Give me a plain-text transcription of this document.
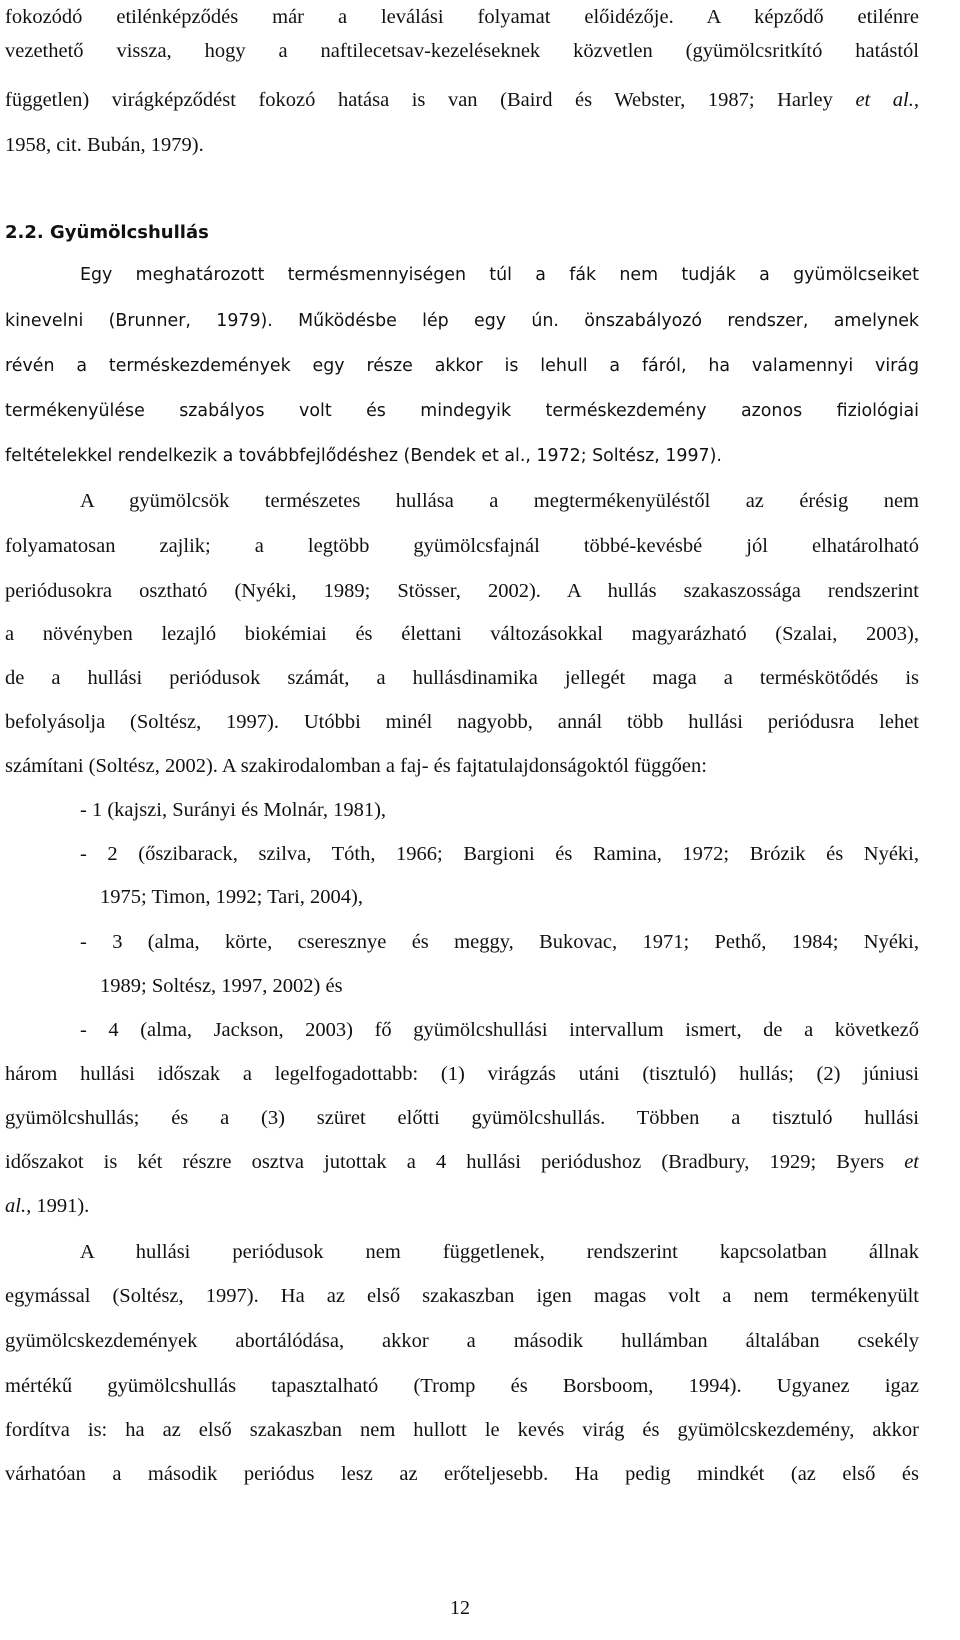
fokozódó etilénképződés már a leválási folyamat előidézője. A képződő etilénre
vezethető vissza, hogy a naftilecetsav-kezeléseknek közvetlen (gyümölcsritkító hatástól
független) virágképződést fokozó hatása is van (Baird és Webster, 1987; Harley et al.,
1958, cit. Bubán, 1979).
2.2. Gyümölcshullás
Egy meghatározott termésmennyiségen túl a fák nem tudják a gyümölcseiket
kinevelni (Brunner, 1979). Működésbe lép egy ún. önszabályozó rendszer, amelynek
révén a terméskezdemények egy része akkor is lehull a fáról, ha valamennyi virág
termékenyülése szabályos volt és mindegyik terméskezdemény azonos fiziológiai
feltételekkel rendelkezik a továbbfejlődéshez (Bendek et al., 1972; Soltész, 1997).
A gyümölcsök természetes hullása a megtermékenyüléstől az érésig nem
folyamatosan zajlik; a legtöbb gyümölcsfajnál többé-kevésbé jól elhatárolható
periódusokra osztható (Nyéki, 1989; Stösser, 2002). A hullás szakaszossága rendszerint
a növényben lezajló biokémiai és élettani változásokkal magyarázható (Szalai, 2003),
de a hullási periódusok számát, a hullásdinamika jellegét maga a terméskötődés is
befolyásolja (Soltész, 1997). Utóbbi minél nagyobb, annál több hullási periódusra lehet
számítani (Soltész, 2002). A szakirodalomban a faj- és fajtatulajdonságoktól függően:
- 1 (kajszi, Surányi és Molnár, 1981),
- 2 (őszibarack, szilva, Tóth, 1966; Bargioni és Ramina, 1972; Brózik és Nyéki,
1975; Timon, 1992; Tari, 2004),
- 3 (alma, körte, cseresznye és meggy, Bukovac, 1971; Pethő, 1984; Nyéki,
1989; Soltész, 1997, 2002) és
- 4 (alma, Jackson, 2003) fő gyümölcshullási intervallum ismert, de a következő
három hullási időszak a legelfogadottabb: (1) virágzás utáni (tisztuló) hullás; (2) júniusi
gyümölcshullás; és a (3) szüret előtti gyümölcshullás. Többen a tisztuló hullási
időszakot is két részre osztva jutottak a 4 hullási periódushoz (Bradbury, 1929; Byers et
al., 1991).
A hullási periódusok nem függetlenek, rendszerint kapcsolatban állnak
egymással (Soltész, 1997). Ha az első szakaszban igen magas volt a nem termékenyült
gyümölcskezdemények abortálódása, akkor a második hullámban általában csekély
mértékű gyümölcshullás tapasztalható (Tromp és Borsboom, 1994). Ugyanez igaz
fordítva is: ha az első szakaszban nem hullott le kevés virág és gyümölcskezdemény, akkor
várhatóan a második periódus lesz az erőteljesebb. Ha pedig mindkét (az első és
12
